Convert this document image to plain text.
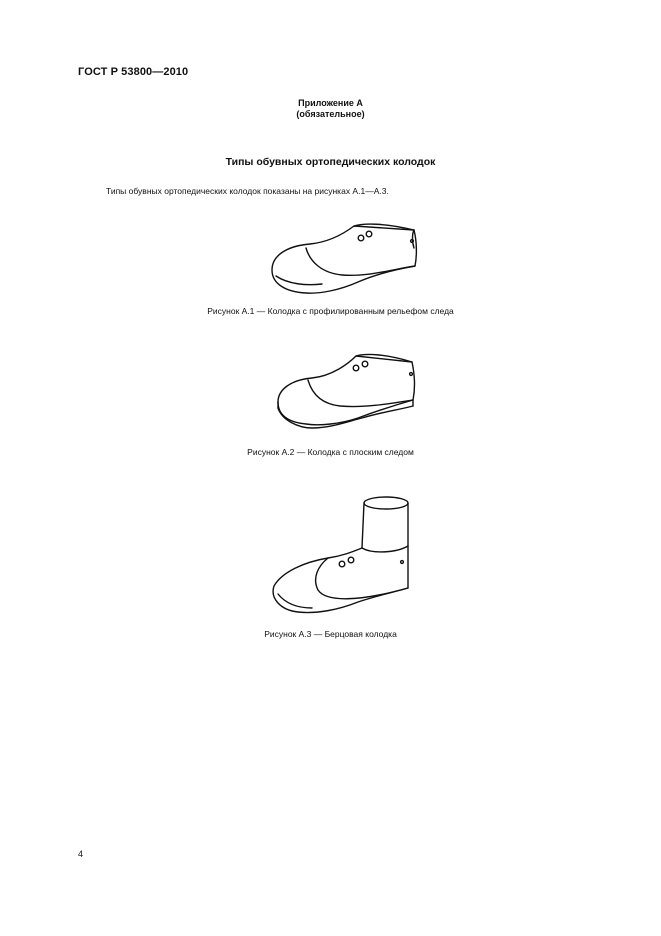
ГОСТ Р 53800—2010
Приложение А
(обязательное)
Типы обувных ортопедических колодок
Типы обувных ортопедических колодок показаны на рисунках А.1—А.3.
Рисунок А.1 — Колодка с профилированным рельефом следа
Рисунок А.2 — Колодка с плоским следом
Рисунок А.3 — Берцовая колодка
4
